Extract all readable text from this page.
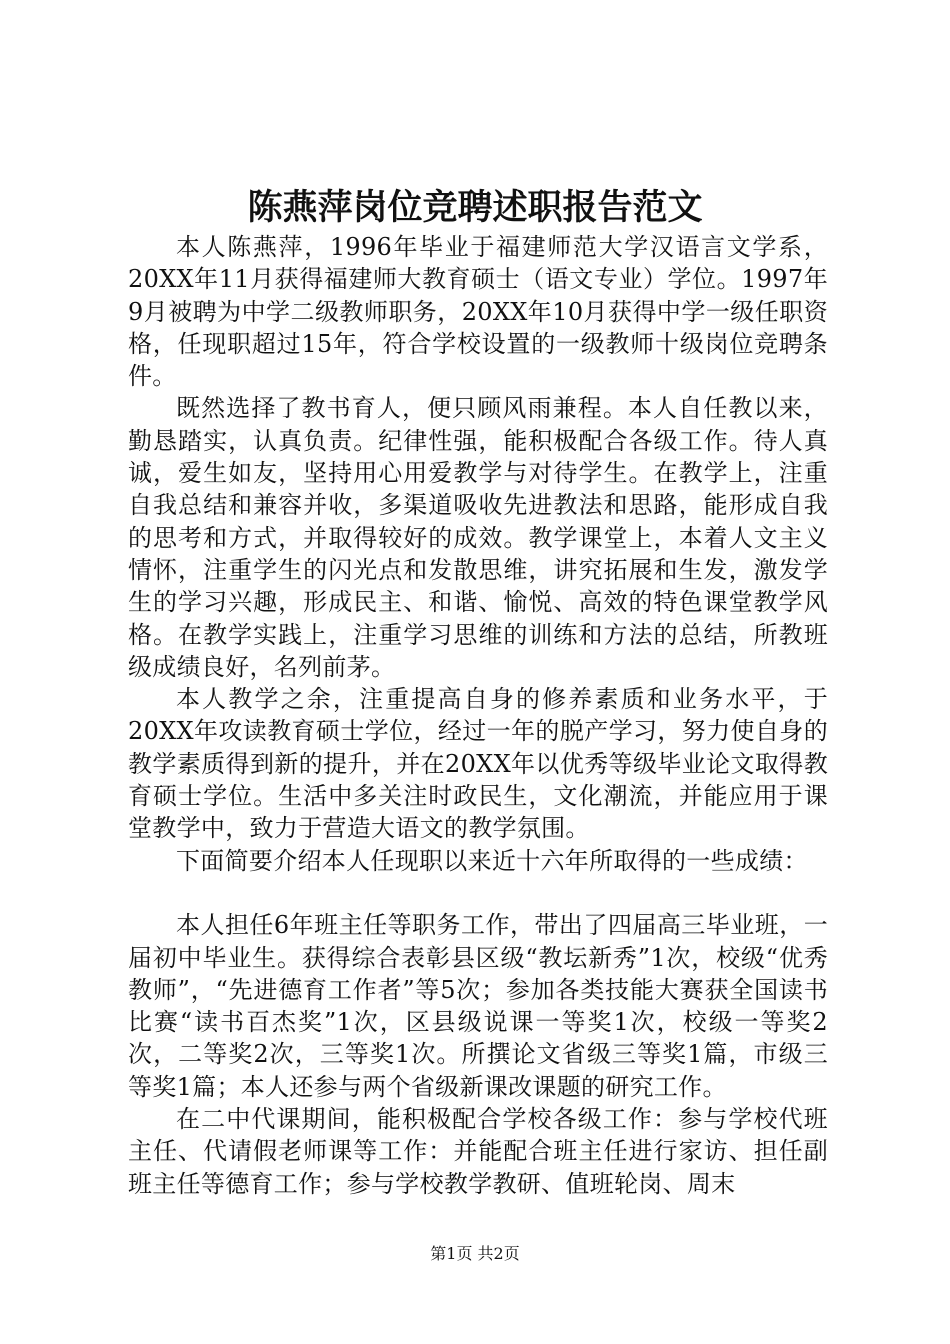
陈燕萍岗位竞聘述职报告范文

本人陈燕萍，1996年毕业于福建师范大学汉语言文学系，20XX年11月获得福建师大教育硕士（语文专业）学位。1997年9月被聘为中学二级教师职务，20XX年10月获得中学一级任职资格，任现职超过15年，符合学校设置的一级教师十级岗位竞聘条件。

既然选择了教书育人，便只顾风雨兼程。本人自任教以来，勤恳踏实，认真负责。纪律性强，能积极配合各级工作。待人真诚，爱生如友，坚持用心用爱教学与对待学生。在教学上，注重自我总结和兼容并收，多渠道吸收先进教法和思路，能形成自我的思考和方式，并取得较好的成效。教学课堂上，本着人文主义情怀，注重学生的闪光点和发散思维，讲究拓展和生发，激发学生的学习兴趣，形成民主、和谐、愉悦、高效的特色课堂教学风格。在教学实践上，注重学习思维的训练和方法的总结，所教班级成绩良好，名列前茅。

本人教学之余，注重提高自身的修养素质和业务水平，于20XX年攻读教育硕士学位，经过一年的脱产学习，努力使自身的教学素质得到新的提升，并在20XX年以优秀等级毕业论文取得教育硕士学位。生活中多关注时政民生，文化潮流，并能应用于课堂教学中，致力于营造大语文的教学氛围。

下面简要介绍本人任现职以来近十六年所取得的一些成绩：

本人担任6年班主任等职务工作，带出了四届高三毕业班，一届初中毕业生。获得综合表彰县区级“教坛新秀”1次，校级“优秀教师”，“先进德育工作者”等5次；参加各类技能大赛获全国读书比赛“读书百杰奖”1次，区县级说课一等奖1次，校级一等奖2次，二等奖2次，三等奖1次。所撰论文省级三等奖1篇，市级三等奖1篇；本人还参与两个省级新课改课题的研究工作。

在二中代课期间，能积极配合学校各级工作：参与学校代班主任、代请假老师课等工作：并能配合班主任进行家访、担任副班主任等德育工作；参与学校教学教研、值班轮岗、周末

第1页 共2页
